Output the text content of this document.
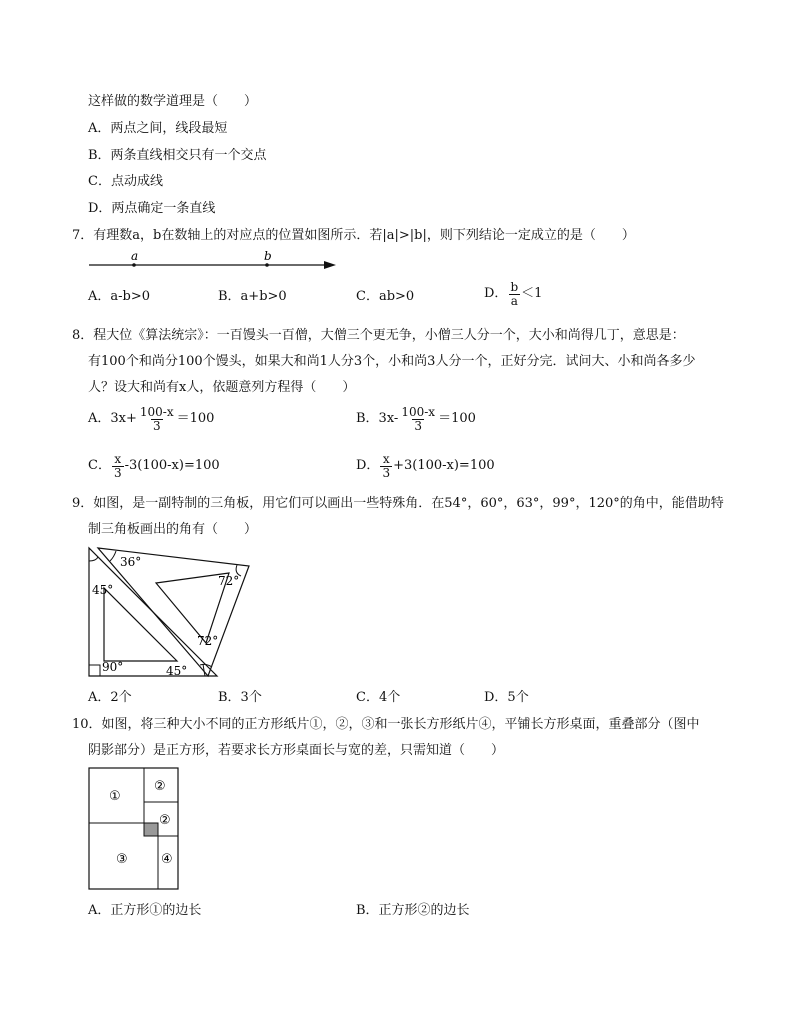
这样做的数学道理是（　　）
A．两点之间，线段最短
B．两条直线相交只有一个交点
C．点动成线
D．两点确定一条直线
7．有理数a，b在数轴上的对应点的位置如图所示．若|a|>|b|，则下列结论一定成立的是（　　）
a	b
A．a-b>0	B．a+b>0	C．ab>0	D． $\frac{b}{a} <1$
8．程大位《算法统宗》：一百馒头一百僧，大僧三个更无争，小僧三人分一个，大小和尚得几丁，意思是：
有100个和尚分100个馒头，如果大和尚1人分3个，小和尚3人分一个，正好分完．试问大、小和尚各多少
人？设大和尚有x人，依题意列方程得（　　）
A．$3x+ \frac{100-x}{3} =100$	B．$3x- \frac{100-x}{3} =100$
C． $\frac{x}{3} -3(100-x)=100$	D． $\frac{x}{3} +3(100-x)=100$
9．如图，是一副特制的三角板，用它们可以画出一些特殊角．在54°，60°，63°，99°，120°的角中，能借助特
制三角板画出的角有（　　）
36°
72°
45°
72°
90°	45°
A．2个	B．3个	C．4个	D．5个
10．如图，将三种大小不同的正方形纸片①，②，③和一张长方形纸片④，平铺长方形桌面，重叠部分（图中
阴影部分）是正方形，若要求长方形桌面长与宽的差，只需知道（　　）
①
②
②
③	④
A．正方形①的边长	B．正方形②的边长
